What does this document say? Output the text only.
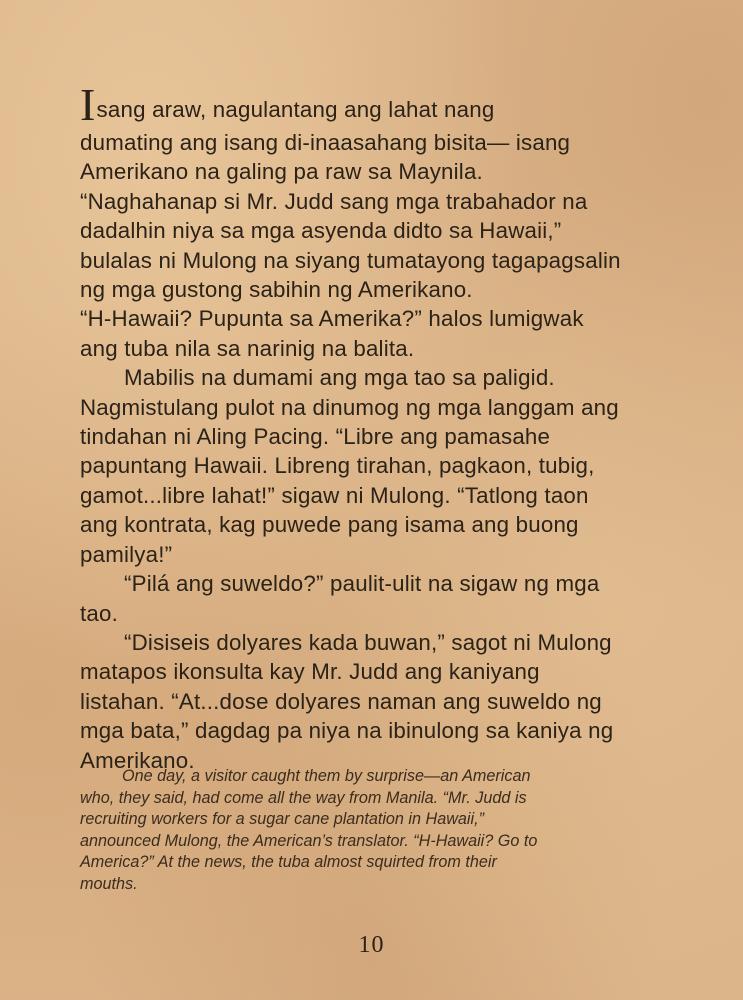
Isang araw, nagulantang ang lahat nang
dumating ang isang di-inaasahang bisita— isang
Amerikano na galing pa raw sa Maynila.
“Naghahanap si Mr. Judd sang mga trabahador na
dadalhin niya sa mga asyenda didto sa Hawaii,”
bulalas ni Mulong na siyang tumatayong tagapagsalin
ng mga gustong sabihin ng Amerikano.
“H-Hawaii? Pupunta sa Amerika?” halos lumigwak
ang tuba nila sa narinig na balita.
Mabilis na dumami ang mga tao sa paligid.
Nagmistulang pulot na dinumog ng mga langgam ang
tindahan ni Aling Pacing. “Libre ang pamasahe
papuntang Hawaii. Libreng tirahan, pagkaon, tubig,
gamot...libre lahat!” sigaw ni Mulong. “Tatlong taon
ang kontrata, kag puwede pang isama ang buong
pamilya!”
“Pilá ang suweldo?” paulit-ulit na sigaw ng mga
tao.
“Disiseis dolyares kada buwan,” sagot ni Mulong
matapos ikonsulta kay Mr. Judd ang kaniyang
listahan. “At...dose dolyares naman ang suweldo ng
mga bata,” dagdag pa niya na ibinulong sa kaniya ng
Amerikano.
One day, a visitor caught them by surprise—an American
who, they said, had come all the way from Manila. “Mr. Judd is
recruiting workers for a sugar cane plantation in Hawaii,”
announced Mulong, the American’s translator. “H-Hawaii? Go to
America?” At the news, the tuba almost squirted from their
mouths.
10
